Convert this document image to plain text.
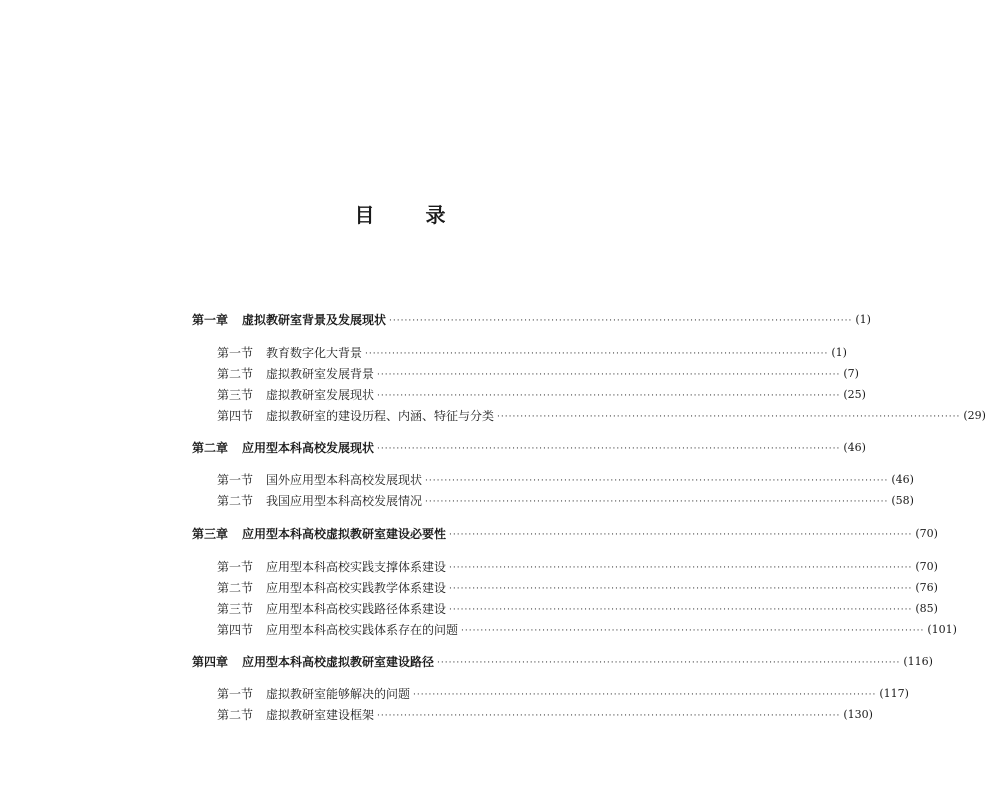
目 录
第一章 虚拟教研室背景及发展现状 ························································································································ (1)
第一节 教育数字化大背景 ························································································································ (1)
第二节 虚拟教研室发展背景 ························································································································ (7)
第三节 虚拟教研室发展现状 ························································································································ (25)
第四节 虚拟教研室的建设历程、内涵、特征与分类 ························································································································ (29)
第二章 应用型本科高校发展现状 ························································································································ (46)
第一节 国外应用型本科高校发展现状 ························································································································ (46)
第二节 我国应用型本科高校发展情况 ························································································································ (58)
第三章 应用型本科高校虚拟教研室建设必要性 ························································································································ (70)
第一节 应用型本科高校实践支撑体系建设 ························································································································ (70)
第二节 应用型本科高校实践教学体系建设 ························································································································ (76)
第三节 应用型本科高校实践路径体系建设 ························································································································ (85)
第四节 应用型本科高校实践体系存在的问题 ························································································································ (101)
第四章 应用型本科高校虚拟教研室建设路径 ························································································································ (116)
第一节 虚拟教研室能够解决的问题 ························································································································ (117)
第二节 虚拟教研室建设框架 ························································································································ (130)
